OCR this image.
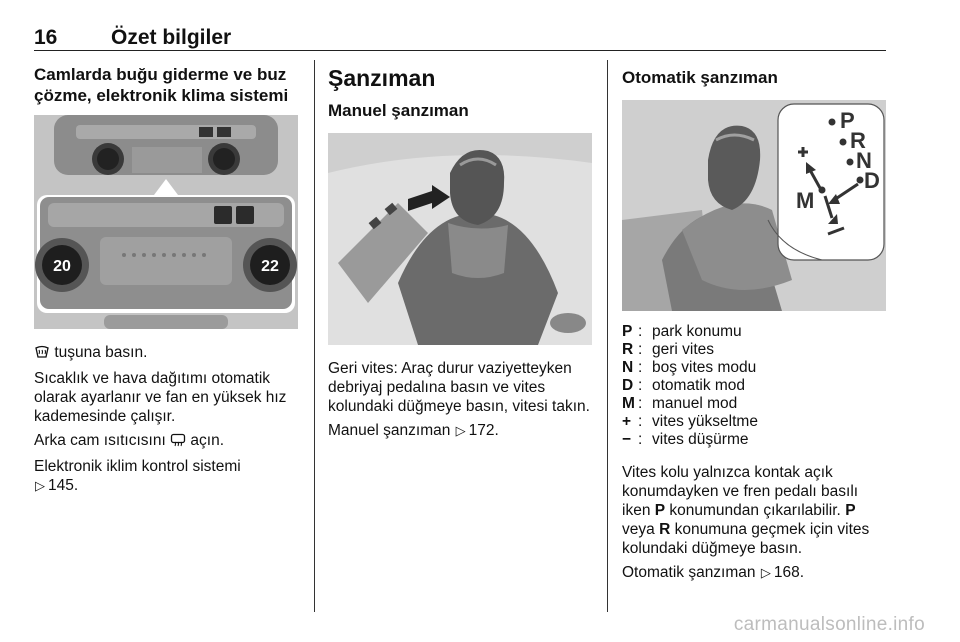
16	Özet bilgiler
Camlarda buğu giderme ve buz çözme, elektronik klima sistemi
20	22
tuşuna basın.
Sıcaklık ve hava dağıtımı otomatik olarak ayarlanır ve fan en yüksek hız kademesinde çalışır.
Arka cam ısıtıcısını açın.
Elektronik iklim kontrol sistemi
▷ 145.
Şanzıman
Manuel şanzıman
Geri vites: Araç durur vaziyetteyken debriyaj pedalına basın ve vites kolundaki düğmeye basın, vitesi takın.
Manuel şanzıman ▷ 172.
Otomatik şanzıman
P
R
N
D
M
P : park konumu
R : geri vites
N : boş vites modu
D : otomatik mod
M : manuel mod
+ : vites yükseltme
− : vites düşürme
Vites kolu yalnızca kontak açık konumdayken ve fren pedalı basılı iken P konumundan çıkarılabilir. P veya R konumuna geçmek için vites kolundaki düğmeye basın.
Otomatik şanzıman ▷ 168.
carmanualsonline.info
